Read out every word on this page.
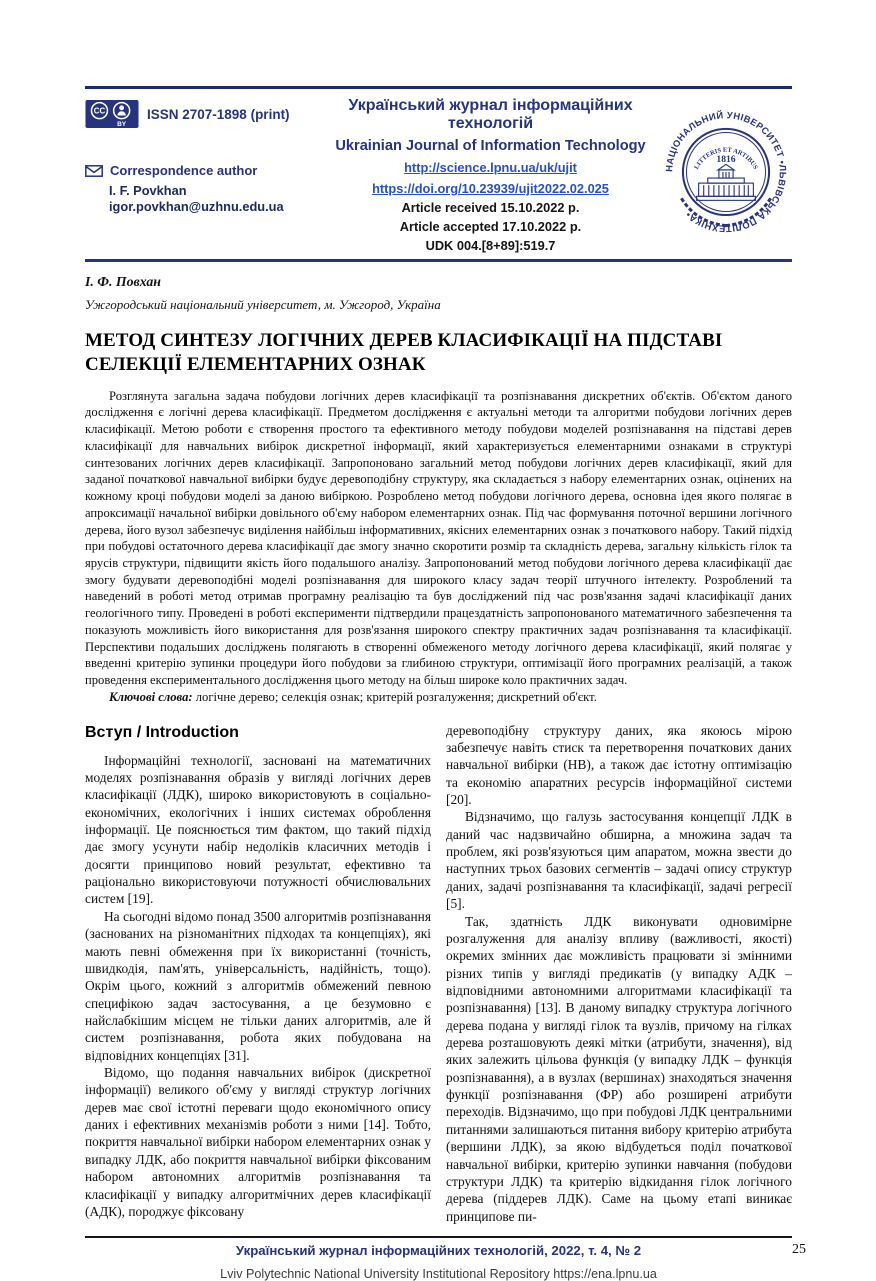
CC
BY
ISSN 2707-1898 (print)
Correspondence author
I. F. Povkhan
igor.povkhan@uzhnu.edu.ua
Український журнал інформаційних технологій
Ukrainian Journal of Information Technology
http://science.lpnu.ua/uk/ujit
https://doi.org/10.23939/ujit2022.02.025
Article received 15.10.2022 р.
Article accepted 17.10.2022 р.
UDK 004.[8+89]:519.7
НАЦІОНАЛЬНИЙ УНІВЕРСИТЕТ •ЛЬВІВСЬКА ПОЛІТЕХНІКА•
LITTERIS ET ARTIBUS
1816
І. Ф. Повхан
Ужгородський національний університет, м. Ужгород, Україна
МЕТОД СИНТЕЗУ ЛОГІЧНИХ ДЕРЕВ КЛАСИФІКАЦІЇ НА ПІДСТАВІ СЕЛЕКЦІЇ ЕЛЕМЕНТАРНИХ ОЗНАК

Розглянута загальна задача побудови логічних дерев класифікації та розпізнавання дискретних об'єктів. Об'єктом даного дослідження є логічні дерева класифікації. Предметом дослідження є актуальні методи та алгоритми побудови логічних дерев класифікації. Метою роботи є створення простого та ефективного методу побудови моделей розпізнавання на підставі дерев класифікації для навчальних вибірок дискретної інформації, який характеризується елементарними ознаками в структурі синтезованих логічних дерев класифікації. Запропоновано загальний метод побудови логічних дерев класифікації, який для заданої початкової навчальної вибірки будує деревоподібну структуру, яка складається з набору елементарних ознак, оцінених на кожному кроці побудови моделі за даною вибіркою. Розроблено метод побудови логічного дерева, основна ідея якого полягає в апроксимації начальної вибірки довільного об'єму набором елементарних ознак. Під час формування поточної вершини логічного дерева, його вузол забезпечує виділення найбільш інформативних, якісних елементарних ознак з початкового набору. Такий підхід при побудові остаточного дерева класифікації дає змогу значно скоротити розмір та складність дерева, загальну кількість гілок та ярусів структури, підвищити якість його подальшого аналізу. Запропонований метод побудови логічного дерева класифікації дає змогу будувати деревоподібні моделі розпізнавання для широкого класу задач теорії штучного інтелекту. Розроблений та наведений в роботі метод отримав програмну реалізацію та був досліджений під час розв'язання задачі класифікації даних геологічного типу. Проведені в роботі експерименти підтвердили працездатність запропонованого математичного забезпечення та показують можливість його використання для розв'язання широкого спектру практичних задач розпізнавання та класифікації. Перспективи подальших досліджень полягають в створенні обмеженого методу логічного дерева класифікації, який полягає у введенні критерію зупинки процедури його побудови за глибиною структури, оптимізації його програмних реалізацій, а також проведення експериментального дослідження цього методу на більш широке коло практичних задач.

Ключові слова: логічне дерево; селекція ознак; критерій розгалуження; дискретний об'єкт.

Вступ / Introduction

Інформаційні технології, засновані на математичних моделях розпізнавання образів у вигляді логічних дерев класифікації (ЛДК), широко використовують в соціально-економічних, екологічних і інших системах оброблення інформації. Це пояснюється тим фактом, що такий підхід дає змогу усунути набір недоліків класичних методів і досягти принципово новий результат, ефективно та раціонально використовуючи потужності обчислювальних систем [19].

На сьогодні відомо понад 3500 алгоритмів розпізнавання (заснованих на різноманітних підходах та концепціях), які мають певні обмеження при їх використанні (точність, швидкодія, пам'ять, універсальність, надійність, тощо). Окрім цього, кожний з алгоритмів обмежений певною специфікою задач застосування, а це безумовно є найслабкішим місцем не тільки даних алгоритмів, але й систем розпізнавання, робота яких побудована на відповідних концепціях [31].

Відомо, що подання навчальних вибірок (дискретної інформації) великого об'єму у вигляді структур логічних дерев має свої істотні переваги щодо економічного опису даних і ефективних механізмів роботи з ними [14]. Тобто, покриття навчальної вибірки набором елементарних ознак у випадку ЛДК, або покриття навчальної вибірки фіксованим набором автономних алгоритмів розпізнавання та класифікації у випадку алгоритмічних дерев класифікації (АДК), породжує фіксовану

деревоподібну структуру даних, яка якоюсь мірою забезпечує навіть стиск та перетворення початкових даних навчальної вибірки (НВ), а також дає істотну оптимізацію та економію апаратних ресурсів інформаційної системи [20].

Відзначимо, що галузь застосування концепції ЛДК в даний час надзвичайно обширна, а множина задач та проблем, які розв'язуються цим апаратом, можна звести до наступних трьох базових сегментів – задачі опису структур даних, задачі розпізнавання та класифікації, задачі регресії [5].

Так, здатність ЛДК виконувати одновимірне розгалуження для аналізу впливу (важливості, якості) окремих змінних дає можливість працювати зі змінними різних типів у вигляді предикатів (у випадку АДК – відповідними автономними алгоритмами класифікації та розпізнавання) [13]. В даному випадку структура логічного дерева подана у вигляді гілок та вузлів, причому на гілках дерева розташовують деякі мітки (атрибути, значення), від яких залежить цільова функція (у випадку ЛДК – функція розпізнавання), а в вузлах (вершинах) знаходяться значення функції розпізнавання (ФР) або розширені атрибути переходів. Відзначимо, що при побудові ЛДК центральними питаннями залишаються питання вибору критерію атрибута (вершини ЛДК), за якою відбудеться поділ початкової навчальної вибірки, критерію зупинки навчання (побудови структури ЛДК) та критерію відкидання гілок логічного дерева (піддерев ЛДК). Саме на цьому етапі виникає принципове пи-

Український журнал інформаційних технологій, 2022, т. 4, № 2	25
Lviv Polytechnic National University Institutional Repository https://ena.lpnu.ua
